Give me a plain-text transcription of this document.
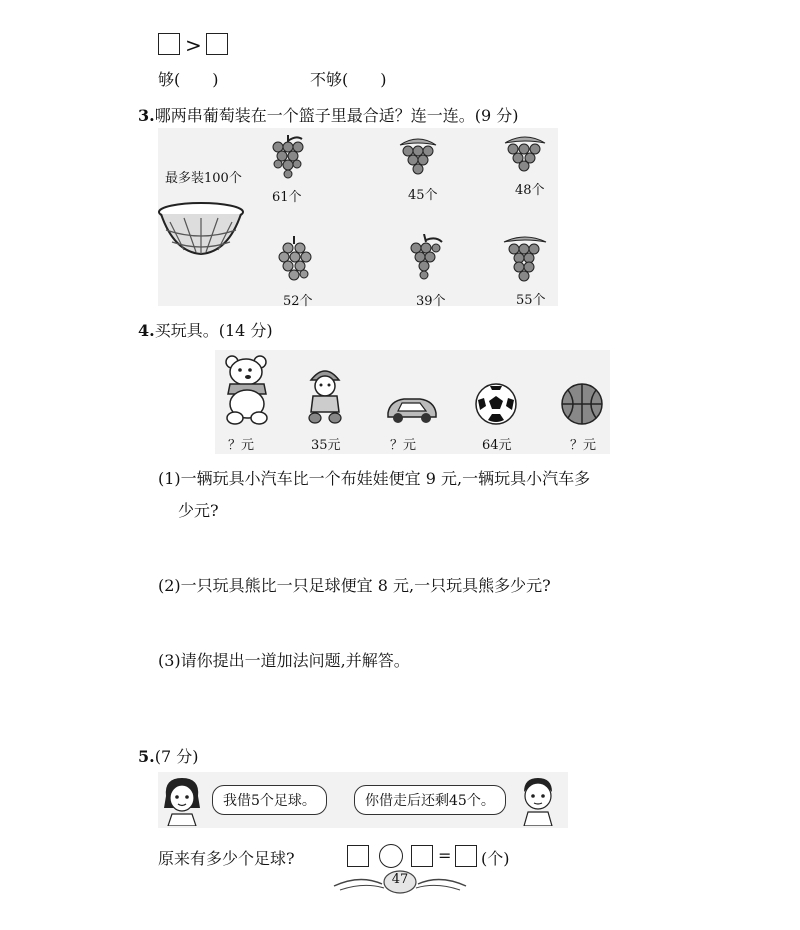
>
够(　　)	不够(　　)
3.哪两串葡萄装在一个篮子里最合适？连一连。(9 分)
最多装100个
61个	45个	48个
52个	39个	55个
4.买玩具。(14 分)
？元	35元	？元	64元	？元
(1)一辆玩具小汽车比一个布娃娃便宜 9 元,一辆玩具小汽车多
少元?
(2)一只玩具熊比一只足球便宜 8 元,一只玩具熊多少元?
(3)请你提出一道加法问题,并解答。
5.(7 分)
我借5个足球。	你借走后还剩45个。
原来有多少个足球?	= (个)
47
